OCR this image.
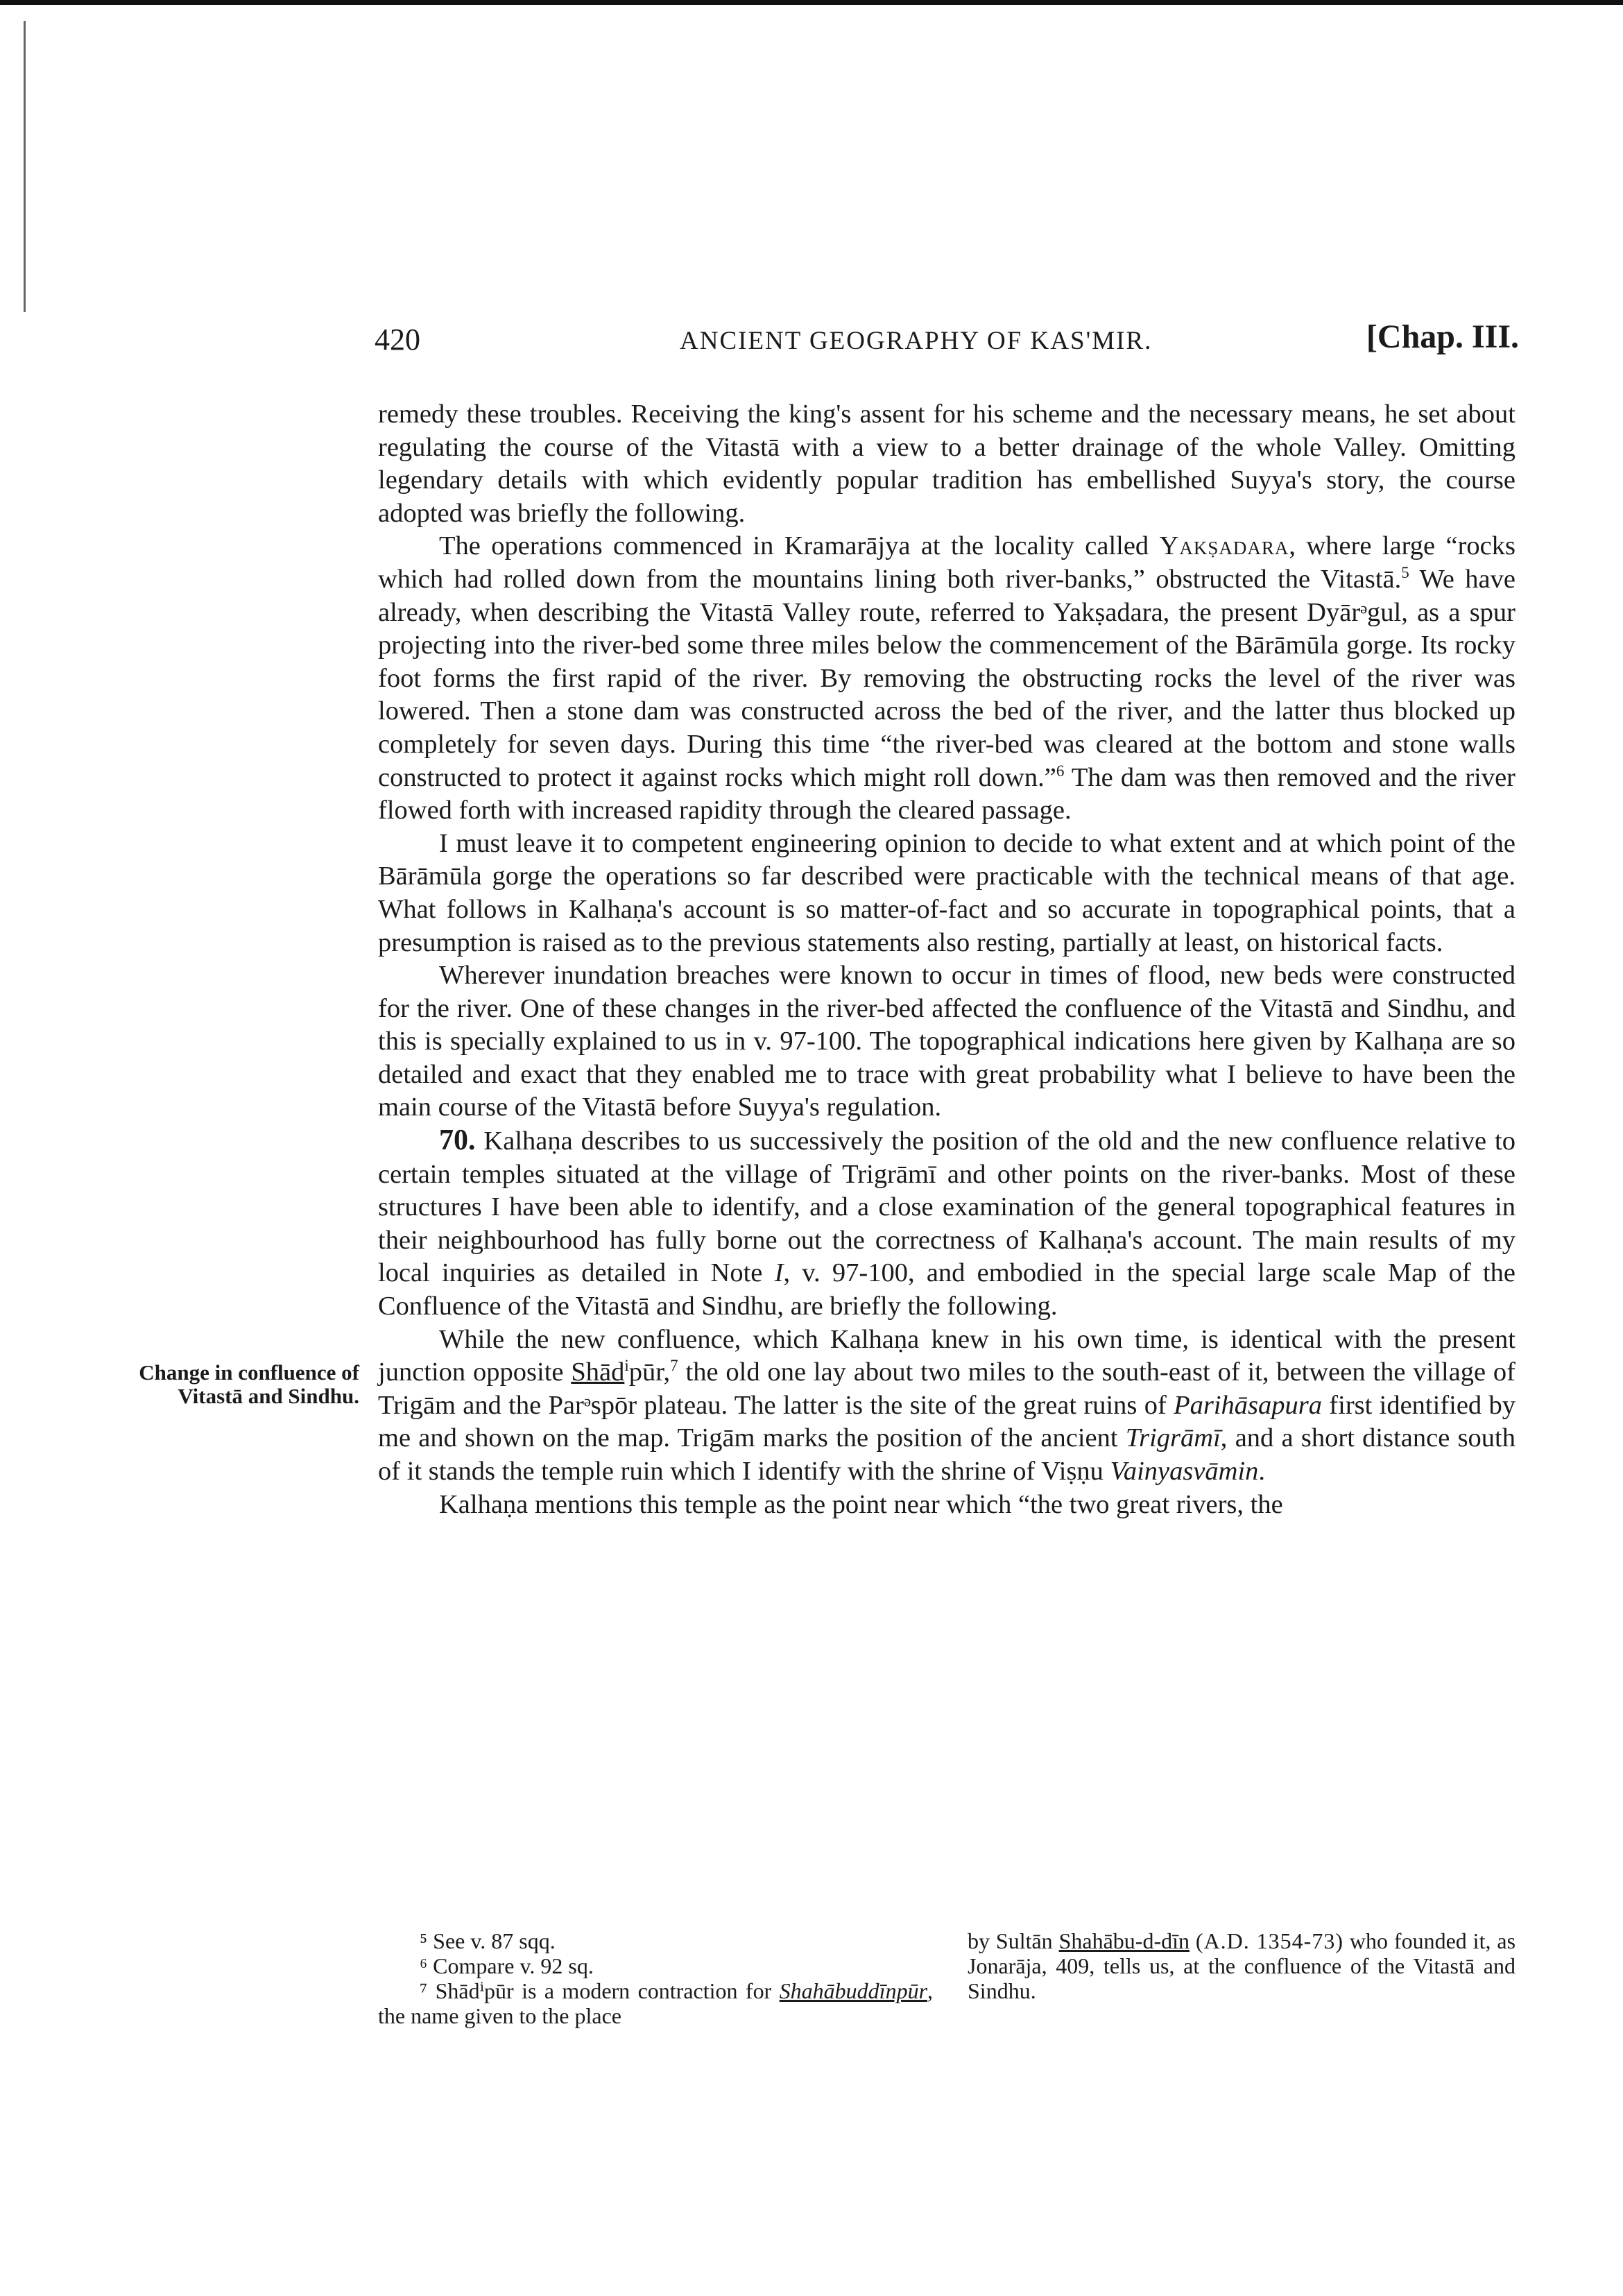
420	ANCIENT GEOGRAPHY OF KAS'MIR.	[Chap. III.
Change in confluence of Vitastā and Sindhu.

remedy these troubles. Receiving the king's assent for his scheme and the necessary means, he set about regulating the course of the Vitastā with a view to a better drainage of the whole Valley. Omitting legendary details with which evidently popular tradition has embellished Suyya's story, the course adopted was briefly the following.

The operations commenced in Kramarājya at the locality called Yakṣadara, where large “rocks which had rolled down from the mountains lining both river-banks,” obstructed the Vitastā.$^5$ We have already, when describing the Vitastā Valley route, referred to Yakṣadara, the present Dyārᵊgul, as a spur projecting into the river-bed some three miles below the commencement of the Bārāmūla gorge. Its rocky foot forms the first rapid of the river. By removing the obstructing rocks the level of the river was lowered. Then a stone dam was constructed across the bed of the river, and the latter thus blocked up completely for seven days. During this time “the river-bed was cleared at the bottom and stone walls constructed to protect it against rocks which might roll down.”$^6$ The dam was then removed and the river flowed forth with increased rapidity through the cleared passage.

I must leave it to competent engineering opinion to decide to what extent and at which point of the Bārāmūla gorge the operations so far described were practicable with the technical means of that age. What follows in Kalhaṇa's account is so matter-of-fact and so accurate in topographical points, that a presumption is raised as to the previous statements also resting, partially at least, on historical facts.

Wherever inundation breaches were known to occur in times of flood, new beds were constructed for the river. One of these changes in the river-bed affected the confluence of the Vitastā and Sindhu, and this is specially explained to us in v. 97-100. The topographical indications here given by Kalhaṇa are so detailed and exact that they enabled me to trace with great probability what I believe to have been the main course of the Vitastā before Suyya's regulation.

70. Kalhaṇa describes to us successively the position of the old and the new confluence relative to certain temples situated at the village of Trigrāmī and other points on the river-banks. Most of these structures I have been able to identify, and a close examination of the general topographical features in their neighbourhood has fully borne out the correctness of Kalhaṇa's account. The main results of my local inquiries as detailed in Note I, v. 97-100, and embodied in the special large scale Map of the Confluence of the Vitastā and Sindhu, are briefly the following.

While the new confluence, which Kalhaṇa knew in his own time, is identical with the present junction opposite Shād$^i$pūr,$^7$ the old one lay about two miles to the south-east of it, between the village of Trigām and the Parᵊspōr plateau. The latter is the site of the great ruins of Parihāsapura first identified by me and shown on the map. Trigām marks the position of the ancient Trigrāmī, and a short distance south of it stands the temple ruin which I identify with the shrine of Viṣṇu Vainyasvāmin.

Kalhaṇa mentions this temple as the point near which “the two great rivers, the

⁵ See v. 87 sqq.
⁶ Compare v. 92 sq.
⁷ Shādⁱpūr is a modern contraction for Shahābuddīnpūr, the name given to the place
by Sultān Shahābu-d-dīn (A.D. 1354-73) who founded it, as Jonarāja, 409, tells us, at the confluence of the Vitastā and Sindhu.
